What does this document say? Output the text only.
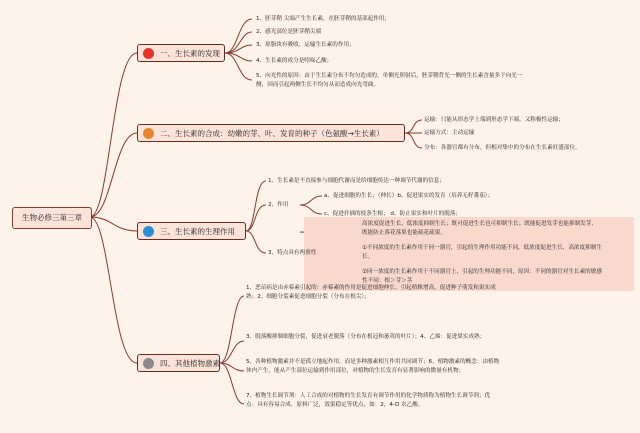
生物必修三第三章
一、生长素的发现
1、胚芽鞘 尖端产生生长素，在胚芽鞘的基部起作用；
2、感光部位是胚芽鞘尖端
3、琼脂块有吸收、运输生长素的作用；
4、生长素的成分是吲哚乙酸；
5、向光性的原因：由于生长素分布不均匀造成的，单侧光照射后，胚芽鞘背光一侧的生长素含量多于向光一侧，因而引起两侧生长不均匀从而造成向光弯曲。
二、生长素的合成：幼嫩的芽、叶、发育的种子（色氨酸→生长素）
运输：只能从形态学上端到形态学下端，又称极性运输；
运输方式：主动运输
分布：各器官都有分布，但相对集中的分布在生长素旺盛部位。
三、生长素的生理作用
1、生长素是不直接参与细胞代谢而是给细胞传达一种调节代谢的信息；
2、作用
a、促进细胞的生长；（伸长）b、促进果实的发育（培养无籽番茄）；
c、促进扦插的枝条生根； d、防止果实和叶片的脱落；
3、特点具有两重性
高浓度促进生长、低浓度抑制生长；既可促进生长也可抑制生长；既能促进发芽也能抑制发芽，既能防止落花落果也能疏花疏果。
①不同浓度的生长素作用于同一器官，引起的生理作用功能不同，低浓度促进生长，高浓度抑制生长。
②同一浓度的生长素作用于不同器官上，引起的生理功能不同，原因：不同的器官对生长素的敏感性不同：根＞芽＞茎
四、其他植物激素
1、恶苗病是由赤霉素引起的：赤霉素的作用是促进细胞伸长、引起植株增高，促进种子萌发和果实成熟；2、细胞分裂素促进细胞分裂（分布在根尖）；
3、脱落酸抑制细胞分裂，促进衰老脱落（分布在根冠和萎蔫的叶片）；4、乙烯：促进果实成熟；
5、各种植物激素并不是孤立地起作用，而是多种激素相互作用共同调节；6、植物激素的概念：由植物体内产生，能从产生部位运输到作用部位，对植物的生长发育有显著影响的微量有机物；
7、植物生长调节剂：人工合成的对植物的生长发育有调节作用的化学物质称为植物生长调节剂；优点：具有容易合成、原料广泛，效果稳定等优点，如：2，4-D 农乙酸。
